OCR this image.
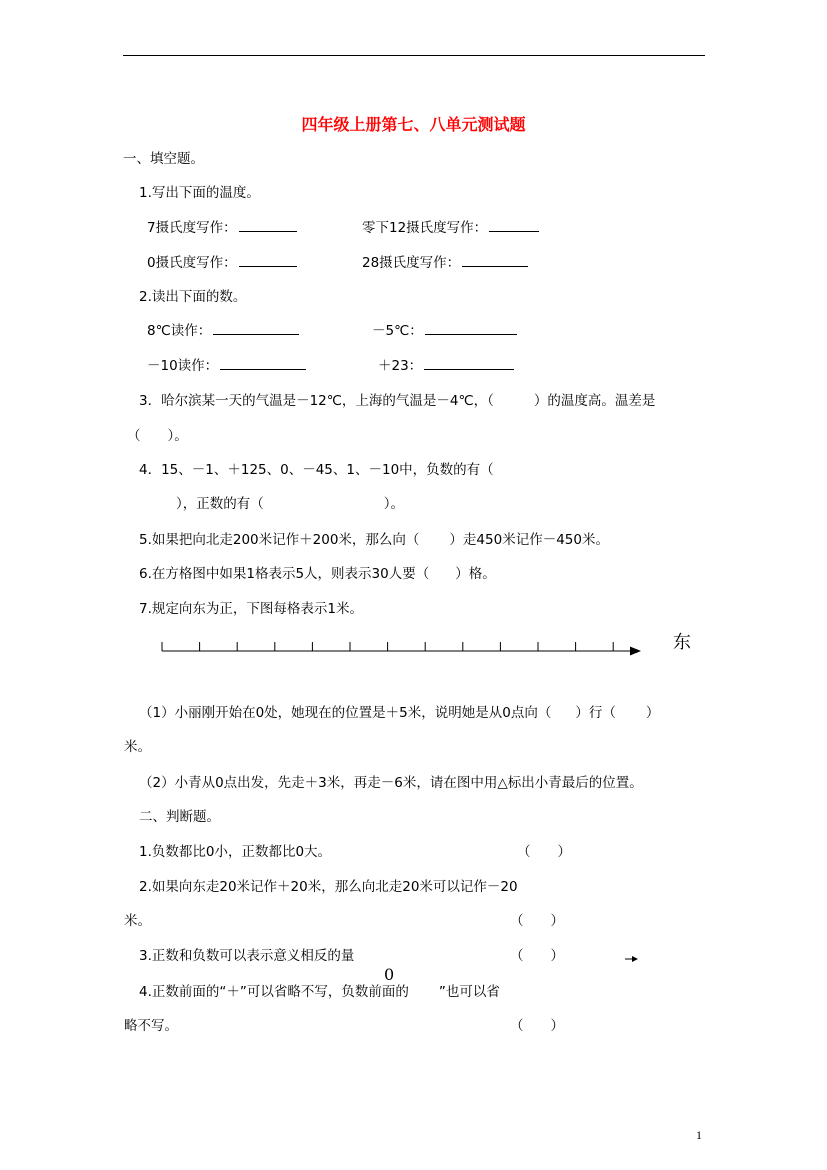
四年级上册第七、八单元测试题
一、填空题。
1.写出下面的温度。
7摄氏度写作：	零下12摄氏度写作：
0摄氏度写作：	28摄氏度写作：
2.读出下面的数。
8℃读作：	－5℃：
－10读作：	＋23：
3．哈尔滨某一天的气温是－12℃，上海的气温是－4℃，（	）的温度高。温差是
（　　）。
4．15、－1、＋125、0、－45、1、－10中，负数的有（
），正数的有（	）。
5.如果把向北走200米记作＋200米，那么向（ ）走450米记作－450米。
6.在方格图中如果1格表示5人，则表示30人要（ ）格。
7.规定向东为正，下图每格表示1米。
东
（1）小丽刚开始在0处，她现在的位置是＋5米，说明她是从0点向（ ）行（ ）
米。
（2）小青从0点出发，先走＋3米，再走－6米，请在图中用△标出小青最后的位置。
二、判断题。
1.负数都比0小，正数都比0大。	（　　）
2.如果向东走20米记作＋20米，那么向北走20米可以记作－20
米。	（　　）
3.正数和负数可以表示意义相反的量	（　　）
0
4.正数前面的“＋”可以省略不写，负数前面的 ”也可以省
略不写。	（　　）
1
